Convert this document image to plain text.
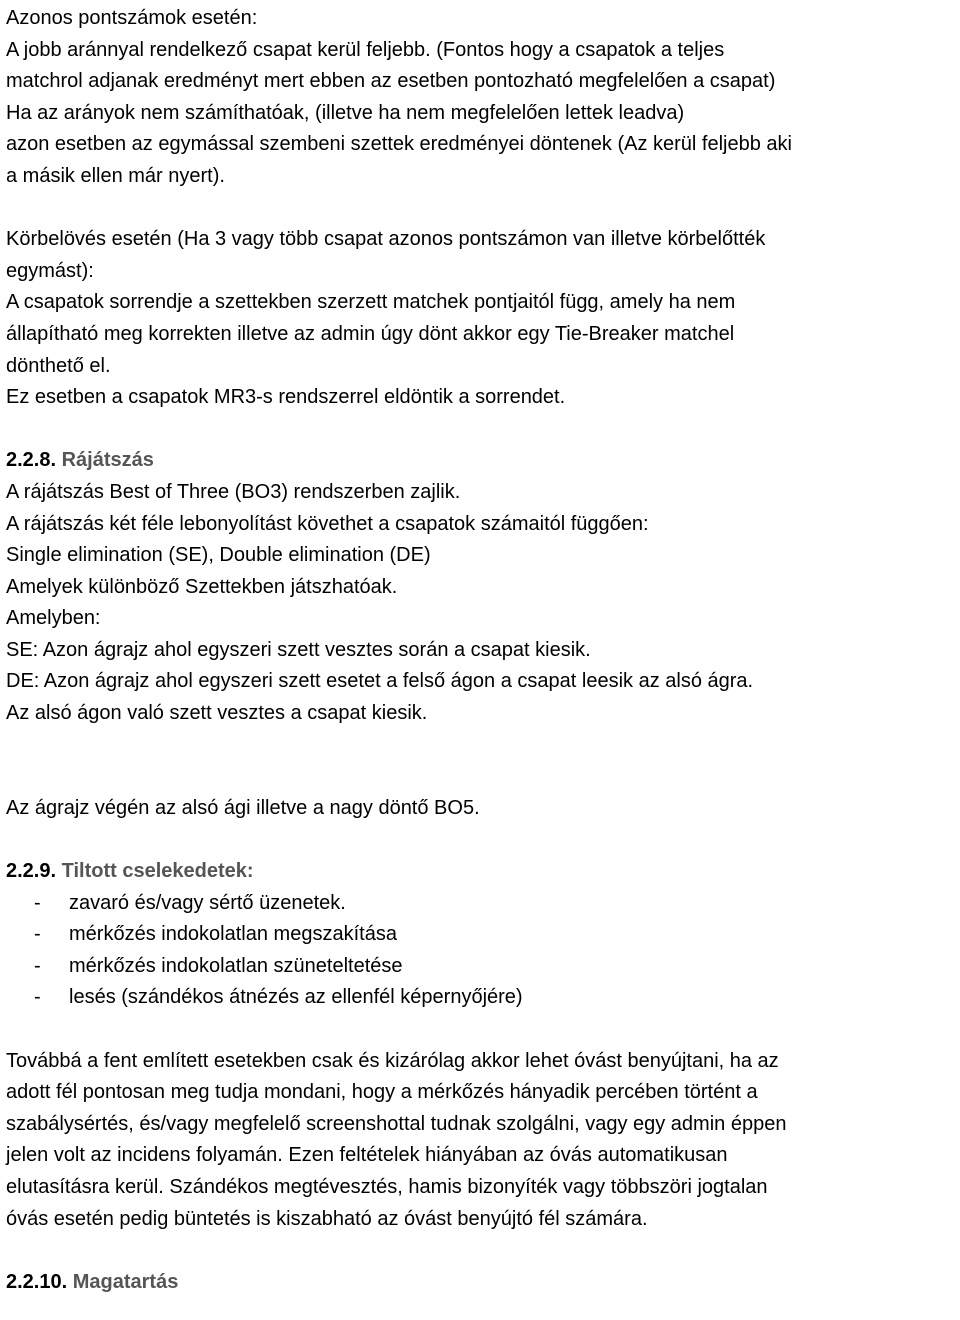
Azonos pontszámok esetén:
A jobb aránnyal rendelkező csapat kerül feljebb. (Fontos hogy a csapatok a teljes
matchrol adjanak eredményt mert ebben az esetben pontozható megfelelően a csapat)
Ha az arányok nem számíthatóak, (illetve ha nem megfelelően lettek leadva)
azon esetben az egymással szembeni szettek eredményei döntenek (Az kerül feljebb aki
a másik ellen már nyert).
Körbelövés esetén (Ha 3 vagy több csapat azonos pontszámon van illetve körbelőtték
egymást):
A csapatok sorrendje a szettekben szerzett matchek pontjaitól függ, amely ha nem
állapítható meg korrekten illetve az admin úgy dönt akkor egy Tie-Breaker matchel
dönthető el.
Ez esetben a csapatok MR3-s rendszerrel eldöntik a sorrendet.
2.2.8. Rájátszás
A rájátszás Best of Three (BO3) rendszerben zajlik.
A rájátszás két féle lebonyolítást követhet a csapatok számaitól függően:
Single elimination (SE), Double elimination (DE)
Amelyek különböző Szettekben játszhatóak.
Amelyben:
SE: Azon ágrajz ahol egyszeri szett vesztes során a csapat kiesik.
DE: Azon ágrajz ahol egyszeri szett esetet a felső ágon a csapat leesik az alsó ágra.
Az alsó ágon való szett vesztes a csapat kiesik.
Az ágrajz végén az alsó ági illetve a nagy döntő BO5.
2.2.9. Tiltott cselekedetek:
-	zavaró és/vagy sértő üzenetek.
-	mérkőzés indokolatlan megszakítása
-	mérkőzés indokolatlan szüneteltetése
-	lesés (szándékos átnézés az ellenfél képernyőjére)
Továbbá a fent említett esetekben csak és kizárólag akkor lehet óvást benyújtani, ha az
adott fél pontosan meg tudja mondani, hogy a mérkőzés hányadik percében történt a
szabálysértés, és/vagy megfelelő screenshottal tudnak szolgálni, vagy egy admin éppen
jelen volt az incidens folyamán. Ezen feltételek hiányában az óvás automatikusan
elutasításra kerül. Szándékos megtévesztés, hamis bizonyíték vagy többszöri jogtalan
óvás esetén pedig büntetés is kiszabható az óvást benyújtó fél számára.
2.2.10. Magatartás
